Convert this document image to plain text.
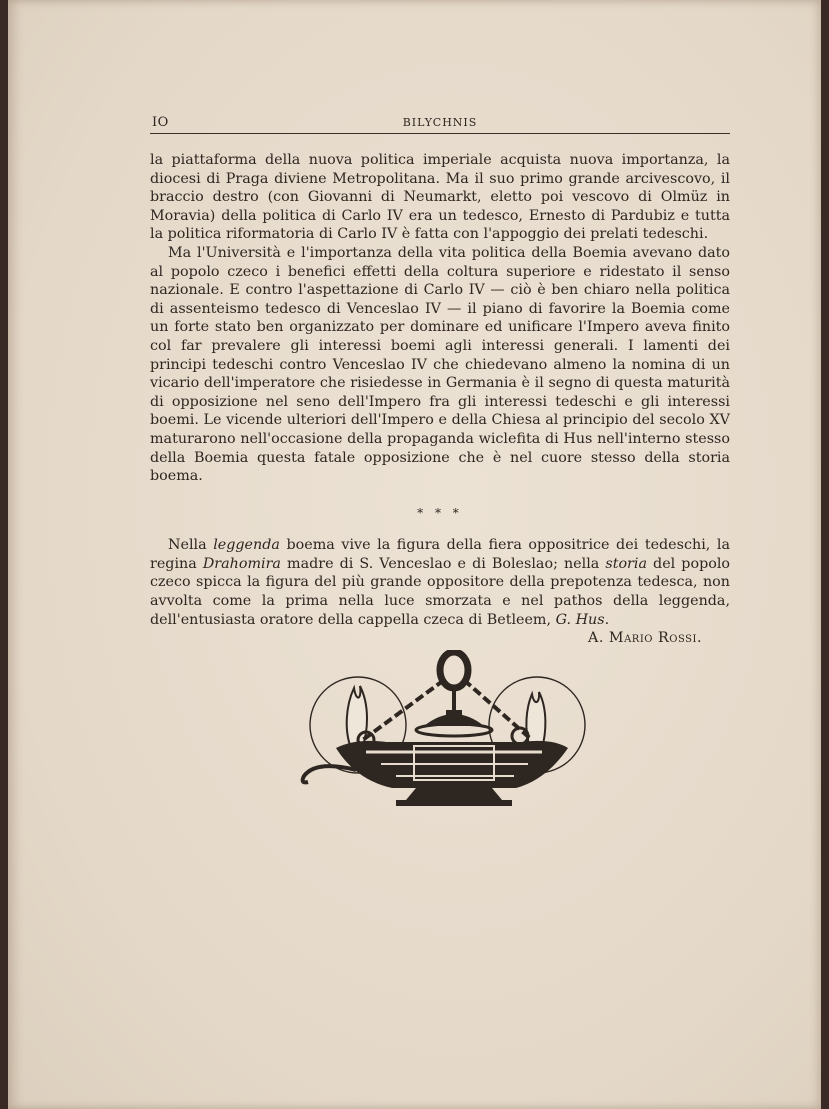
IO	BILYCHNIS

la piattaforma della nuova politica imperiale acquista nuova importanza, la diocesi di Praga diviene Metropolitana. Ma il suo primo grande arcivescovo, il braccio destro (con Giovanni di Neumarkt, eletto poi vescovo di Olmüz in Moravia) della politica di Carlo IV era un tedesco, Ernesto di Pardubiz e tutta la politica riformatoria di Carlo IV è fatta con l'appoggio dei prelati tedeschi.

Ma l'Università e l'importanza della vita politica della Boemia avevano dato al popolo czeco i benefici effetti della coltura superiore e ridestato il senso nazionale. E contro l'aspettazione di Carlo IV — ciò è ben chiaro nella politica di assenteismo tedesco di Venceslao IV — il piano di favorire la Boemia come un forte stato ben organizzato per dominare ed unificare l'Impero aveva finito col far prevalere gli interessi boemi agli interessi generali. I lamenti dei principi tedeschi contro Venceslao IV che chiedevano almeno la nomina di un vicario dell'imperatore che risiedesse in Germania è il segno di questa maturità di opposizione nel seno dell'Impero fra gli interessi tedeschi e gli interessi boemi. Le vicende ulteriori dell'Impero e della Chiesa al principio del secolo XV maturarono nell'occasione della propaganda wiclefita di Hus nell'interno stesso della Boemia questa fatale opposizione che è nel cuore stesso della storia boema.

* * *

Nella leggenda boema vive la figura della fiera oppositrice dei tedeschi, la regina Drahomira madre di S. Venceslao e di Boleslao; nella storia del popolo czeco spicca la figura del più grande oppositore della prepotenza tedesca, non avvolta come la prima nella luce smorzata e nel pathos della leggenda, dell'entusiasta oratore della cappella czeca di Betleem, G. Hus.

A. Mario Rossi.
